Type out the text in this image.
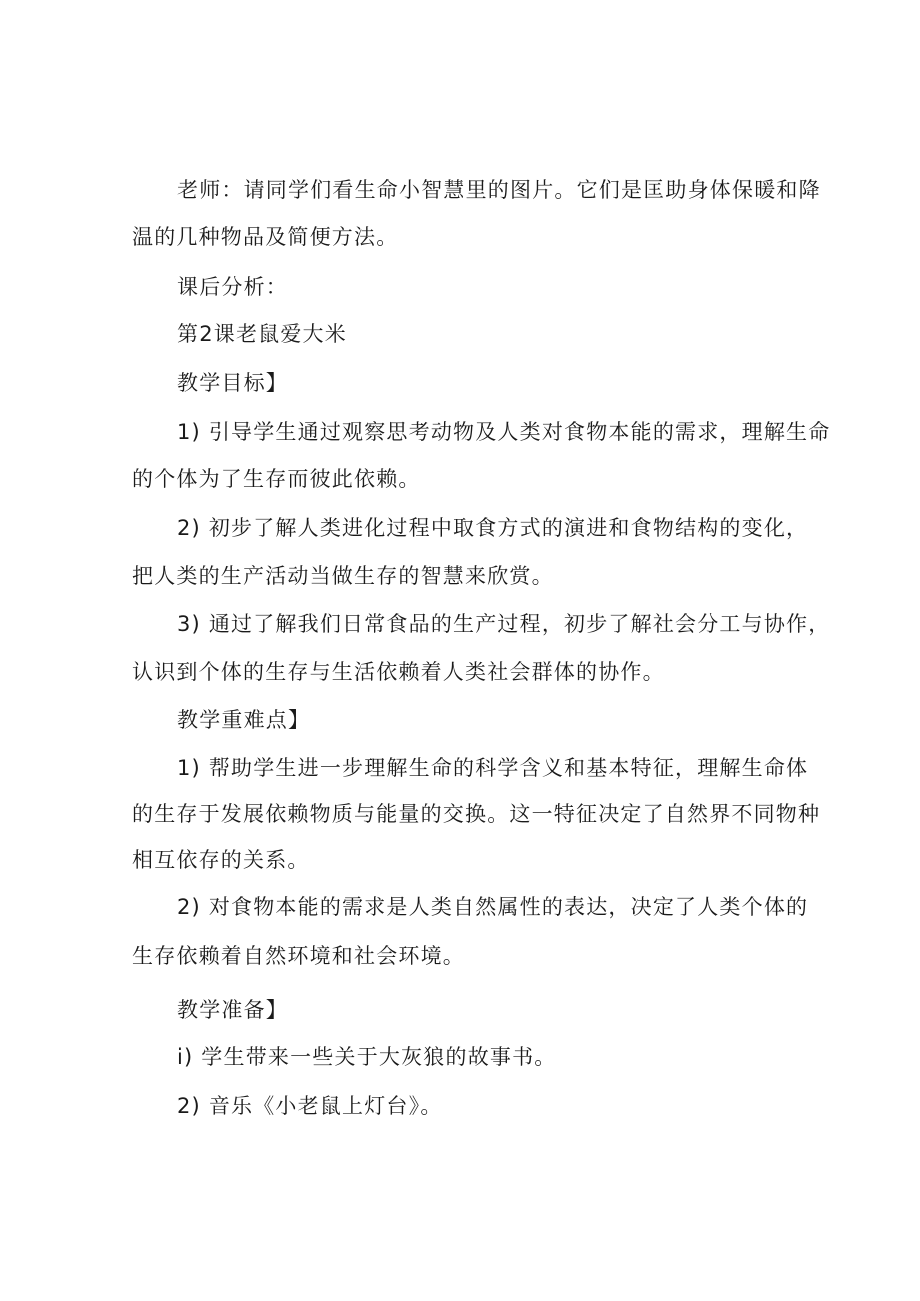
老师：请同学们看生命小智慧里的图片。它们是匡助身体保暖和降
温的几种物品及简便方法。
课后分析：
第2课老鼠爱大米
教学目标】
1) 引导学生通过观察思考动物及人类对食物本能的需求，理解生命
的个体为了生存而彼此依赖。
2) 初步了解人类进化过程中取食方式的演进和食物结构的变化，
把人类的生产活动当做生存的智慧来欣赏。
3) 通过了解我们日常食品的生产过程，初步了解社会分工与协作，
认识到个体的生存与生活依赖着人类社会群体的协作。
教学重难点】
1) 帮助学生进一步理解生命的科学含义和基本特征，理解生命体
的生存于发展依赖物质与能量的交换。这一特征决定了自然界不同物种
相互依存的关系。
2) 对食物本能的需求是人类自然属性的表达，决定了人类个体的
生存依赖着自然环境和社会环境。
教学准备】
i) 学生带来一些关于大灰狼的故事书。
2) 音乐《小老鼠上灯台》。
